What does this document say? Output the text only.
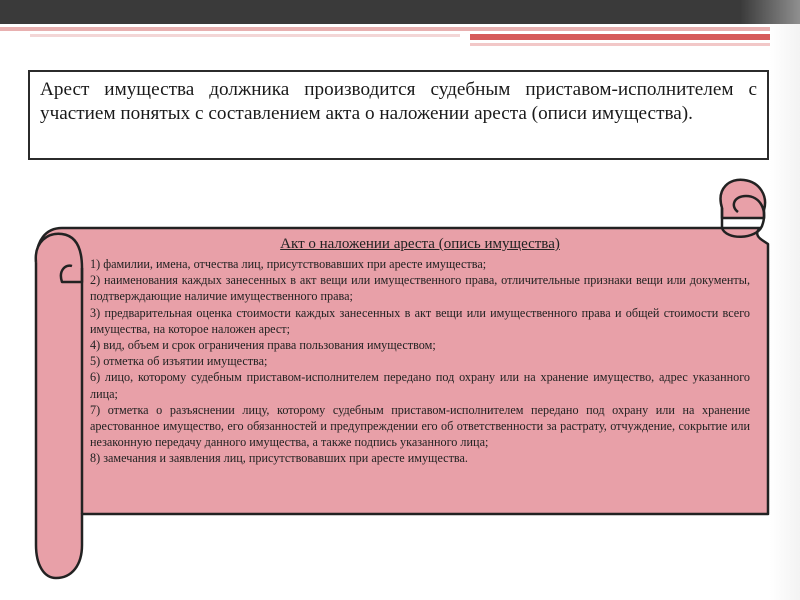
Арест имущества должника производится судебным приставом-исполнителем с участием понятых с составлением акта о наложении ареста (описи имущества).

Акт о наложении ареста (опись имущества)

1) фамилии, имена, отчества лиц, присутствовавших при аресте имущества;

2) наименования каждых занесенных в акт вещи или имущественного права, отличительные признаки вещи или документы, подтверждающие наличие имущественного права;

3) предварительная оценка стоимости каждых занесенных в акт вещи или имущественного права и общей стоимости всего имущества, на которое наложен арест;

4) вид, объем и срок ограничения права пользования имуществом;

5) отметка об изъятии имущества;

6) лицо, которому судебным приставом-исполнителем передано под охрану или на хранение имущество, адрес указанного лица;

7) отметка о разъяснении лицу, которому судебным приставом-исполнителем передано под охрану или на хранение арестованное имущество, его обязанностей и предупреждении его об ответственности за растрату, отчуждение, сокрытие или незаконную передачу данного имущества, а также подпись указанного лица;

8) замечания и заявления лиц, присутствовавших при аресте имущества.
